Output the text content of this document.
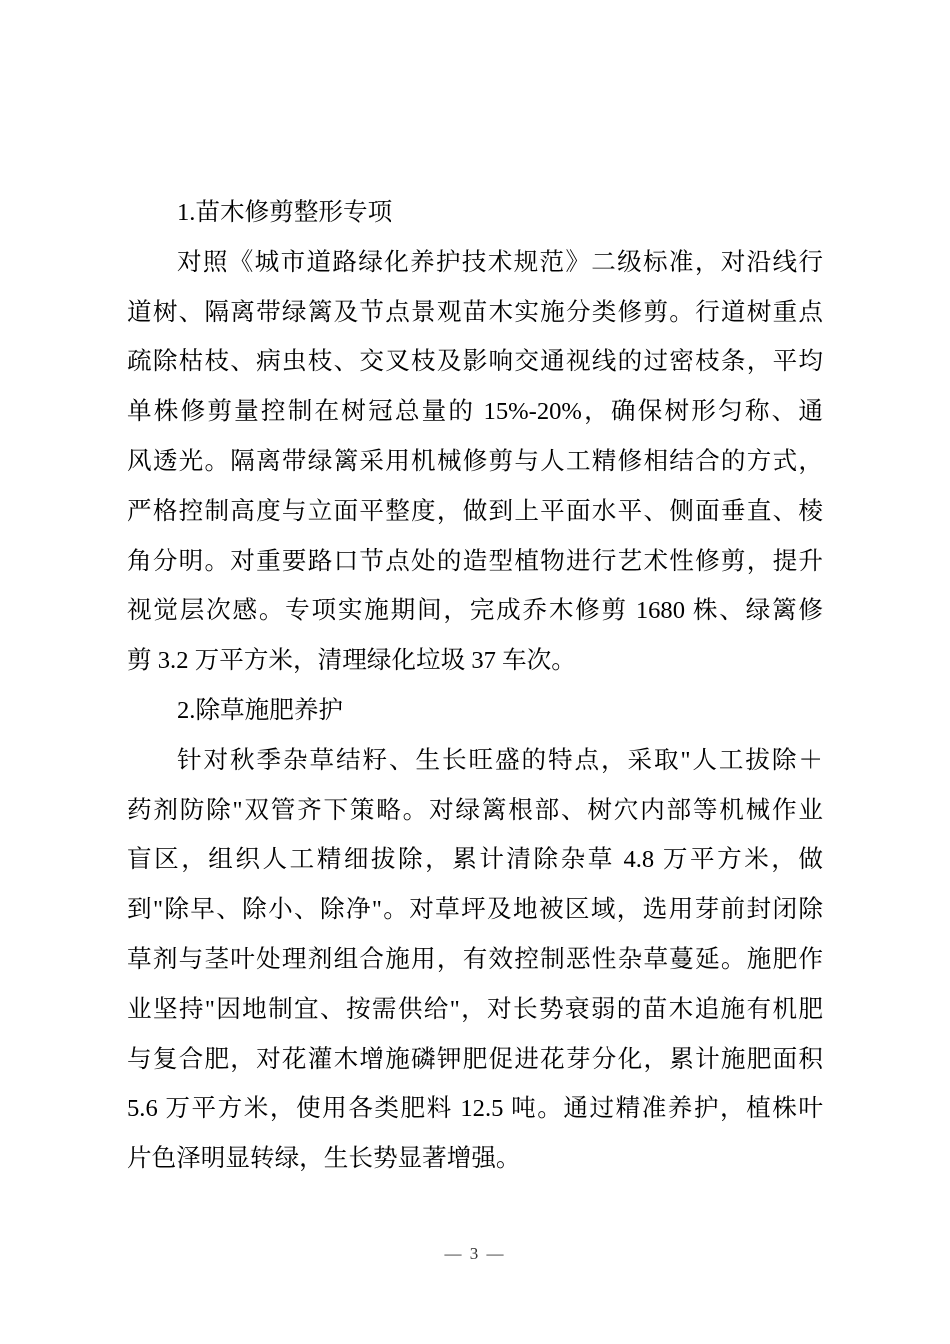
1.苗木修剪整形专项
对照《城市道路绿化养护技术规范》二级标准，对沿线行
道树、隔离带绿篱及节点景观苗木实施分类修剪。行道树重点
疏除枯枝、病虫枝、交叉枝及影响交通视线的过密枝条，平均
单株修剪量控制在树冠总量的 15%-20%，确保树形匀称、通
风透光。隔离带绿篱采用机械修剪与人工精修相结合的方式，
严格控制高度与立面平整度，做到上平面水平、侧面垂直、棱
角分明。对重要路口节点处的造型植物进行艺术性修剪，提升
视觉层次感。专项实施期间，完成乔木修剪 1680 株、绿篱修
剪 3.2 万平方米，清理绿化垃圾 37 车次。
2.除草施肥养护
针对秋季杂草结籽、生长旺盛的特点，采取"人工拔除＋
药剂防除"双管齐下策略。对绿篱根部、树穴内部等机械作业
盲区，组织人工精细拔除，累计清除杂草 4.8 万平方米，做
到"除早、除小、除净"。对草坪及地被区域，选用芽前封闭除
草剂与茎叶处理剂组合施用，有效控制恶性杂草蔓延。施肥作
业坚持"因地制宜、按需供给"，对长势衰弱的苗木追施有机肥
与复合肥，对花灌木增施磷钾肥促进花芽分化，累计施肥面积
5.6 万平方米，使用各类肥料 12.5 吨。通过精准养护，植株叶
片色泽明显转绿，生长势显著增强。
— 3 —
